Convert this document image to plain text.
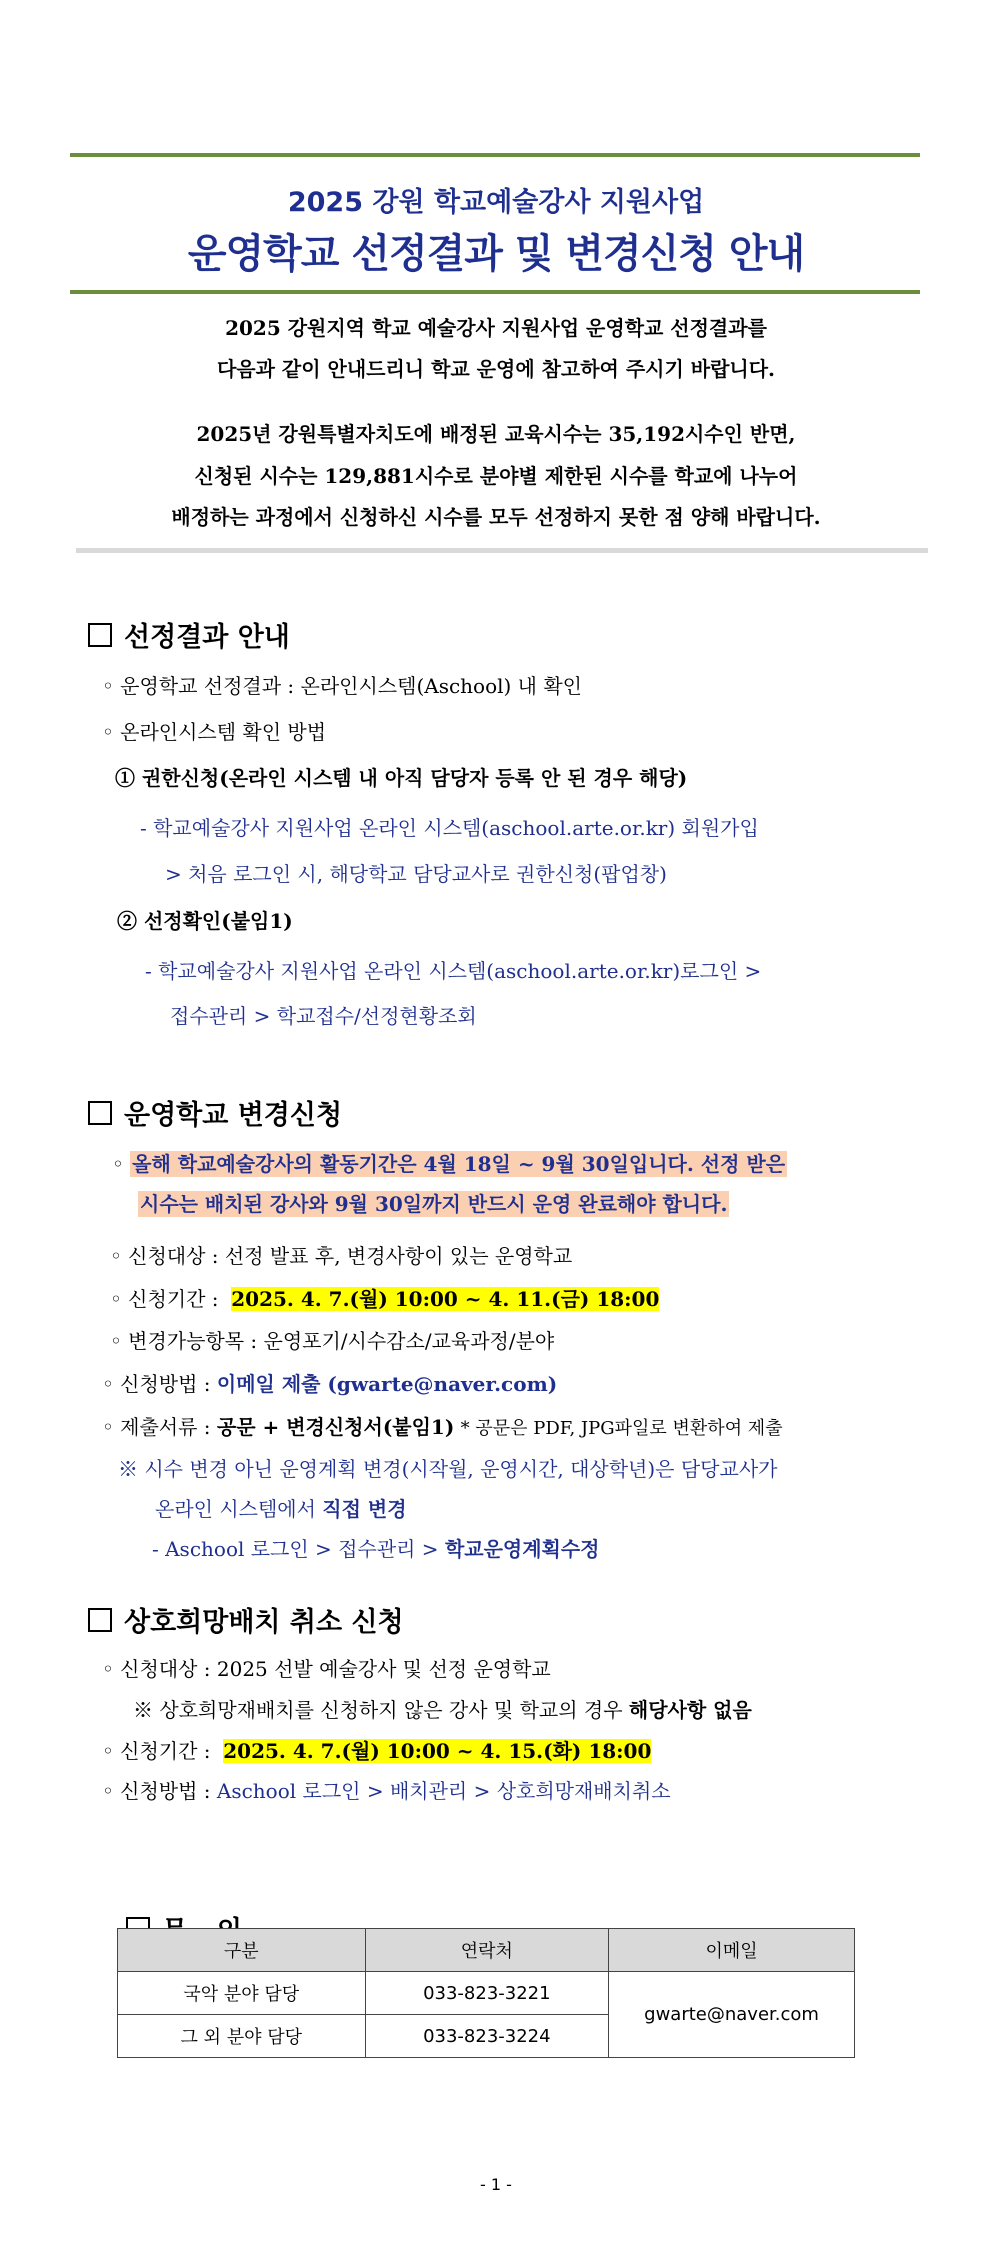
2025 강원 학교예술강사 지원사업
운영학교 선정결과 및 변경신청 안내
2025 강원지역 학교 예술강사 지원사업 운영학교 선정결과를
다음과 같이 안내드리니 학교 운영에 참고하여 주시기 바랍니다.
2025년 강원특별자치도에 배정된 교육시수는 35,192시수인 반면,
신청된 시수는 129,881시수로 분야별 제한된 시수를 학교에 나누어
배정하는 과정에서 신청하신 시수를 모두 선정하지 못한 점 양해 바랍니다.
선정결과 안내
◦ 운영학교 선정결과 : 온라인시스템(Aschool) 내 확인
◦ 온라인시스템 확인 방법
① 권한신청(온라인 시스템 내 아직 담당자 등록 안 된 경우 해당)
- 학교예술강사 지원사업 온라인 시스템(aschool.arte.or.kr) 회원가입
> 처음 로그인 시, 해당학교 담당교사로 권한신청(팝업창)
② 선정확인(붙임1)
- 학교예술강사 지원사업 온라인 시스템(aschool.arte.or.kr)로그인 >
접수관리 > 학교접수/선정현황조회
운영학교 변경신청
◦ 올해 학교예술강사의 활동기간은 4월 18일 ~ 9월 30일입니다. 선정 받은
시수는 배치된 강사와 9월 30일까지 반드시 운영 완료해야 합니다.
◦ 신청대상 : 선정 발표 후, 변경사항이 있는 운영학교
◦ 신청기간 : 2025. 4. 7.(월) 10:00 ~ 4. 11.(금) 18:00
◦ 변경가능항목 : 운영포기/시수감소/교육과정/분야
◦ 신청방법 : 이메일 제출 (gwarte@naver.com)
◦ 제출서류 : 공문 + 변경신청서(붙임1) * 공문은 PDF, JPG파일로 변환하여 제출
※ 시수 변경 아닌 운영계획 변경(시작월, 운영시간, 대상학년)은 담당교사가
온라인 시스템에서 직접 변경
- Aschool 로그인 > 접수관리 > 학교운영계획수정
상호희망배치 취소 신청
◦ 신청대상 : 2025 선발 예술강사 및 선정 운영학교
※ 상호희망재배치를 신청하지 않은 강사 및 학교의 경우 해당사항 없음
◦ 신청기간 : 2025. 4. 7.(월) 10:00 ~ 4. 15.(화) 18:00
◦ 신청방법 : Aschool 로그인 > 배치관리 > 상호희망재배치취소

구분	연락처	이메일
국악 분야 담당	033-823-3221	gwarte@naver.com
그 외 분야 담당	033-823-3224	
- 1 -
